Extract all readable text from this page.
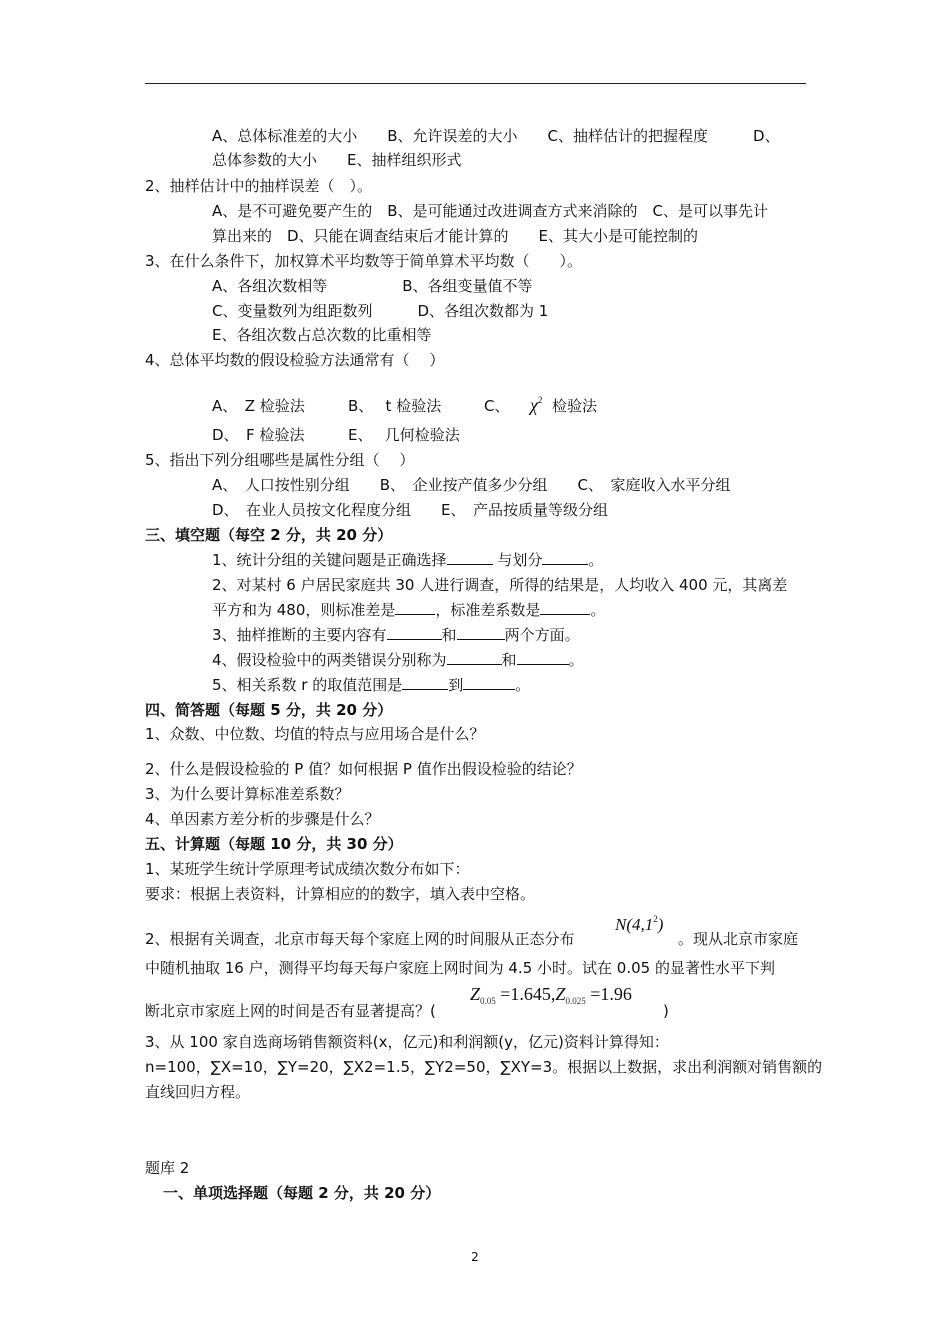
A、总体标准差的大小　　B、允许误差的大小　　C、抽样估计的把握程度　　　D、
总体参数的大小　　E、抽样组织形式
2、抽样估计中的抽样误差（　）。
A、是不可避免要产生的　B、是可能通过改进调查方式来消除的　C、是可以事先计
算出来的　D、只能在调查结束后才能计算的　　E、其大小是可能控制的
3、在什么条件下，加权算术平均数等于简单算术平均数（　　）。
A、各组次数相等　　　　　B、各组变量值不等
C、变量数列为组距数列　　　D、各组次数都为 1
E、各组次数占总次数的比重相等
4、总体平均数的假设检验方法通常有（　 ）
A、　Z 检验法	B、　 t 检验法	C、 $\chi^2$ 检验法
D、　F 检验法	E、　 几何检验法
5、指出下列分组哪些是属性分组（　 ）
A、　人口按性别分组　　B、　企业按产值多少分组　　C、　家庭收入水平分组
D、　在业人员按文化程度分组　　E、　产品按质量等级分组
三、填空题（每空 2 分，共 20 分）
1、统计分组的关键问题是正确选择	与划分	。
2、对某村 6 户居民家庭共 30 人进行调查，所得的结果是，人均收入 400 元，其离差
平方和为 480，则标准差是	，标准差系数是	。
3、抽样推断的主要内容有	和	两个方面。
4、假设检验中的两类错误分别称为	和	。
5、相关系数 r 的取值范围是	到	。
四、简答题（每题 5 分，共 20 分）
1、众数、中位数、均值的特点与应用场合是什么？
2、什么是假设检验的 P 值？如何根据 P 值作出假设检验的结论？
3、为什么要计算标准差系数？
4、单因素方差分析的步骤是什么？
五、计算题（每题 10 分，共 30 分）
1、某班学生统计学原理考试成绩次数分布如下：
要求：根据上表资料，计算相应的的数字，填入表中空格。
$N(4,1^2)$
2、根据有关调查，北京市每天每个家庭上网的时间服从正态分布	。现从北京市家庭
中随机抽取 16 户，测得平均每天每户家庭上网时间为 4.5 小时。试在 0.05 的显著性水平下判
断北京市家庭上网的时间是否有显著提高？(
$Z_{0.05} =1.645,Z_{0.025} =1.96$
)
3、从 100 家自选商场销售额资料(x，亿元)和利润额(y，亿元)资料计算得知：
n=100，∑X=10，∑Y=20，∑X2=1.5，∑Y2=50，∑XY=3。根据以上数据，求出利润额对销售额的
直线回归方程。
题库 2
一、单项选择题（每题 2 分，共 20 分）
2
